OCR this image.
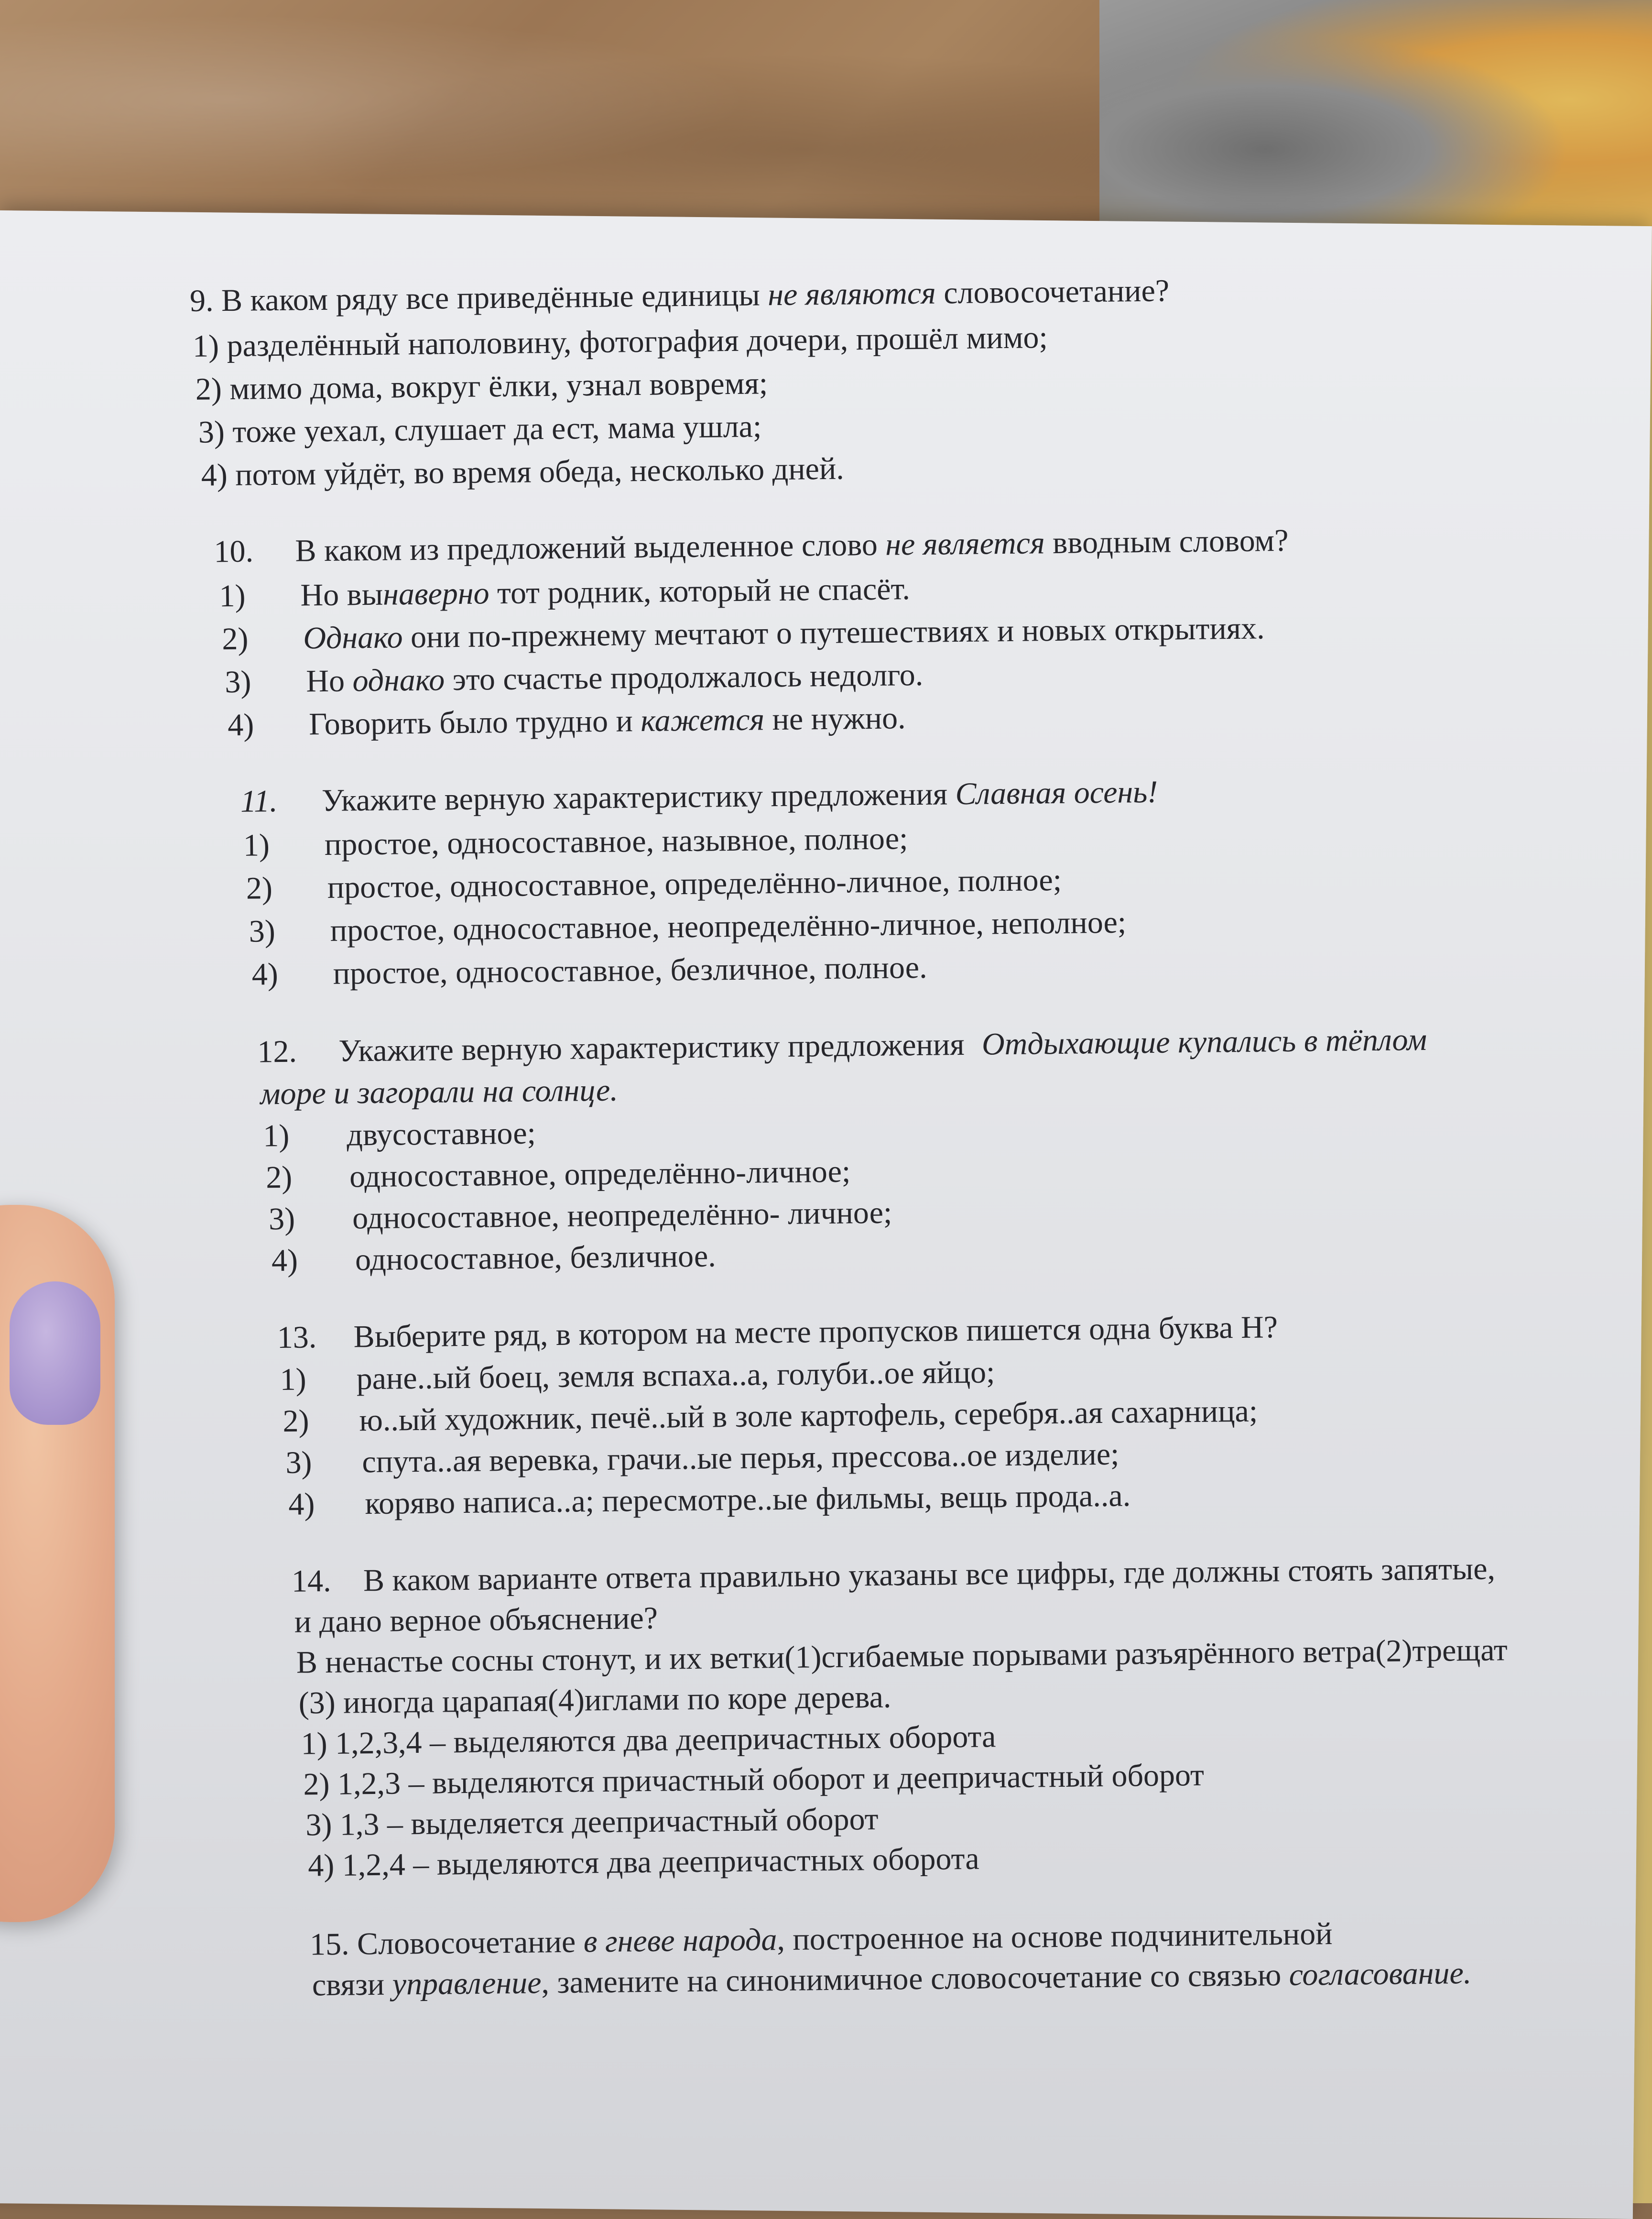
9. В каком ряду все приведённые единицы не являются словосочетание?
1) разделённый наполовину, фотография дочери, прошёл мимо;
2) мимо дома, вокруг ёлки, узнал вовремя;
3) тоже уехал, слушает да ест, мама ушла;
4) потом уйдёт, во время обеда, несколько дней.
10. В каком из предложений выделенное слово не является вводным словом?
1) Но вынаверно тот родник, который не спасёт.
2) Однако они по-прежнему мечтают о путешествиях и новых открытиях.
3) Но однако это счастье продолжалось недолго.
4) Говорить было трудно и кажется не нужно.
11. Укажите верную характеристику предложения Славная осень!
1) простое, односоставное, назывное, полное;
2) простое, односоставное, определённо-личное, полное;
3) простое, односоставное, неопределённо-личное, неполное;
4) простое, односоставное, безличное, полное.
12. Укажите верную характеристику предложения Отдыхающие купались в тёплом
море и загорали на солнце.
1) двусоставное;
2) односоставное, определённо-личное;
3) односоставное, неопределённо- личное;
4) односоставное, безличное.
13. Выберите ряд, в котором на месте пропусков пишется одна буква Н?
1) ране..ый боец, земля вспаха..а, голуби..ое яйцо;
2) ю..ый художник, печё..ый в золе картофель, серебря..ая сахарница;
3) спута..ая веревка, грачи..ые перья, прессова..ое изделие;
4) коряво написа..а; пересмотре..ые фильмы, вещь прода..а.
14. В каком варианте ответа правильно указаны все цифры, где должны стоять запятые,
и дано верное объяснение?
В ненастье сосны стонут, и их ветки(1)сгибаемые порывами разъярённого ветра(2)трещат
(3) иногда царапая(4)иглами по коре дерева.
1) 1,2,3,4 – выделяются два деепричастных оборота
2) 1,2,3 – выделяются причастный оборот и деепричастный оборот
3) 1,3 – выделяется деепричастный оборот
4) 1,2,4 – выделяются два деепричастных оборота
15. Словосочетание в гневе народа, построенное на основе подчинительной
связи управление, замените на синонимичное словосочетание со связью согласование.
